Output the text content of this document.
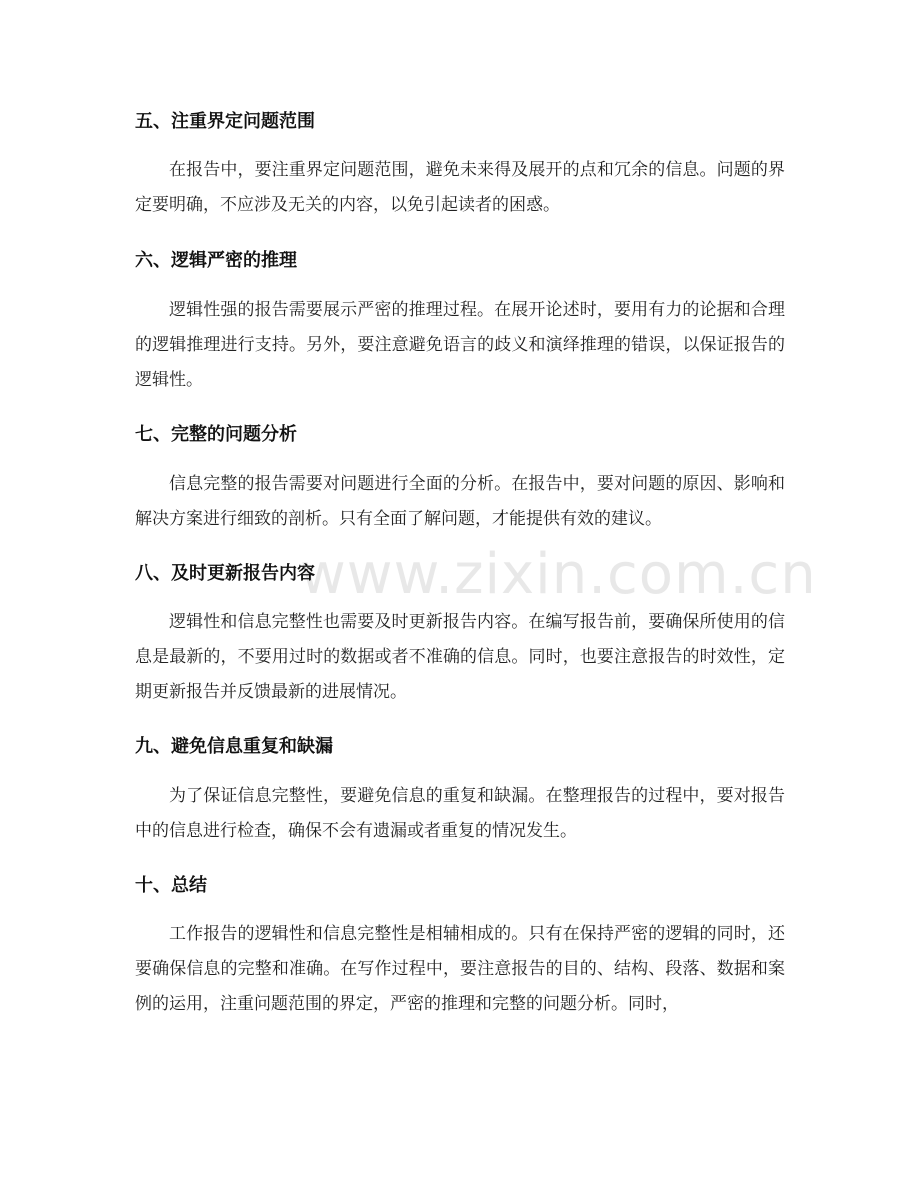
www.zixin.com.cn
五、注重界定问题范围

在报告中，要注重界定问题范围，避免未来得及展开的点和冗余的信息。问题的界定要明确，不应涉及无关的内容，以免引起读者的困惑。

六、逻辑严密的推理

逻辑性强的报告需要展示严密的推理过程。在展开论述时，要用有力的论据和合理的逻辑推理进行支持。另外，要注意避免语言的歧义和演绎推理的错误，以保证报告的逻辑性。

七、完整的问题分析

信息完整的报告需要对问题进行全面的分析。在报告中，要对问题的原因、影响和解决方案进行细致的剖析。只有全面了解问题，才能提供有效的建议。

八、及时更新报告内容

逻辑性和信息完整性也需要及时更新报告内容。在编写报告前，要确保所使用的信息是最新的，不要用过时的数据或者不准确的信息。同时，也要注意报告的时效性，定期更新报告并反馈最新的进展情况。

九、避免信息重复和缺漏

为了保证信息完整性，要避免信息的重复和缺漏。在整理报告的过程中，要对报告中的信息进行检查，确保不会有遗漏或者重复的情况发生。

十、总结

工作报告的逻辑性和信息完整性是相辅相成的。只有在保持严密的逻辑的同时，还要确保信息的完整和准确。在写作过程中，要注意报告的目的、结构、段落、数据和案例的运用，注重问题范围的界定，严密的推理和完整的问题分析。同时，
